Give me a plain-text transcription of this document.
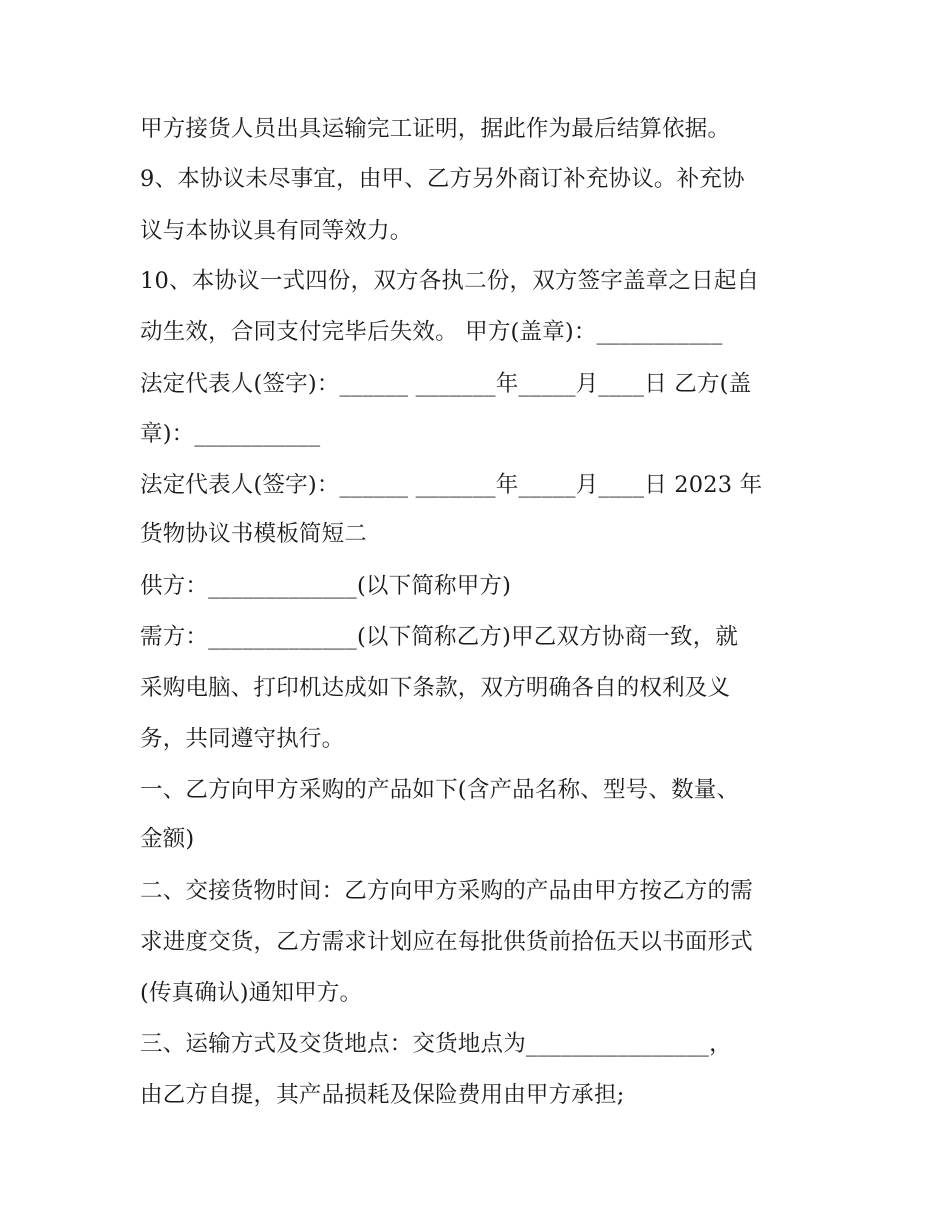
甲方接货人员出具运输完工证明，据此作为最后结算依据。
9、本协议未尽事宜，由甲、乙方另外商订补充协议。补充协
议与本协议具有同等效力。
10、本协议一式四份，双方各执二份，双方签字盖章之日起自
动生效，合同支付完毕后失效。 甲方(盖章)：___________
法定代表人(签字)：______ _______年_____月____日 乙方(盖
章)：___________
法定代表人(签字)：______ _______年_____月____日 2023 年
货物协议书模板简短二
供方：_____________(以下简称甲方)
需方：_____________(以下简称乙方)甲乙双方协商一致，就
采购电脑、打印机达成如下条款，双方明确各自的权利及义
务，共同遵守执行。
一、乙方向甲方采购的产品如下(含产品名称、型号、数量、
金额)
二、交接货物时间：乙方向甲方采购的产品由甲方按乙方的需
求进度交货，乙方需求计划应在每批供货前拾伍天以书面形式
(传真确认)通知甲方。
三、运输方式及交货地点：交货地点为________________，
由乙方自提，其产品损耗及保险费用由甲方承担;
